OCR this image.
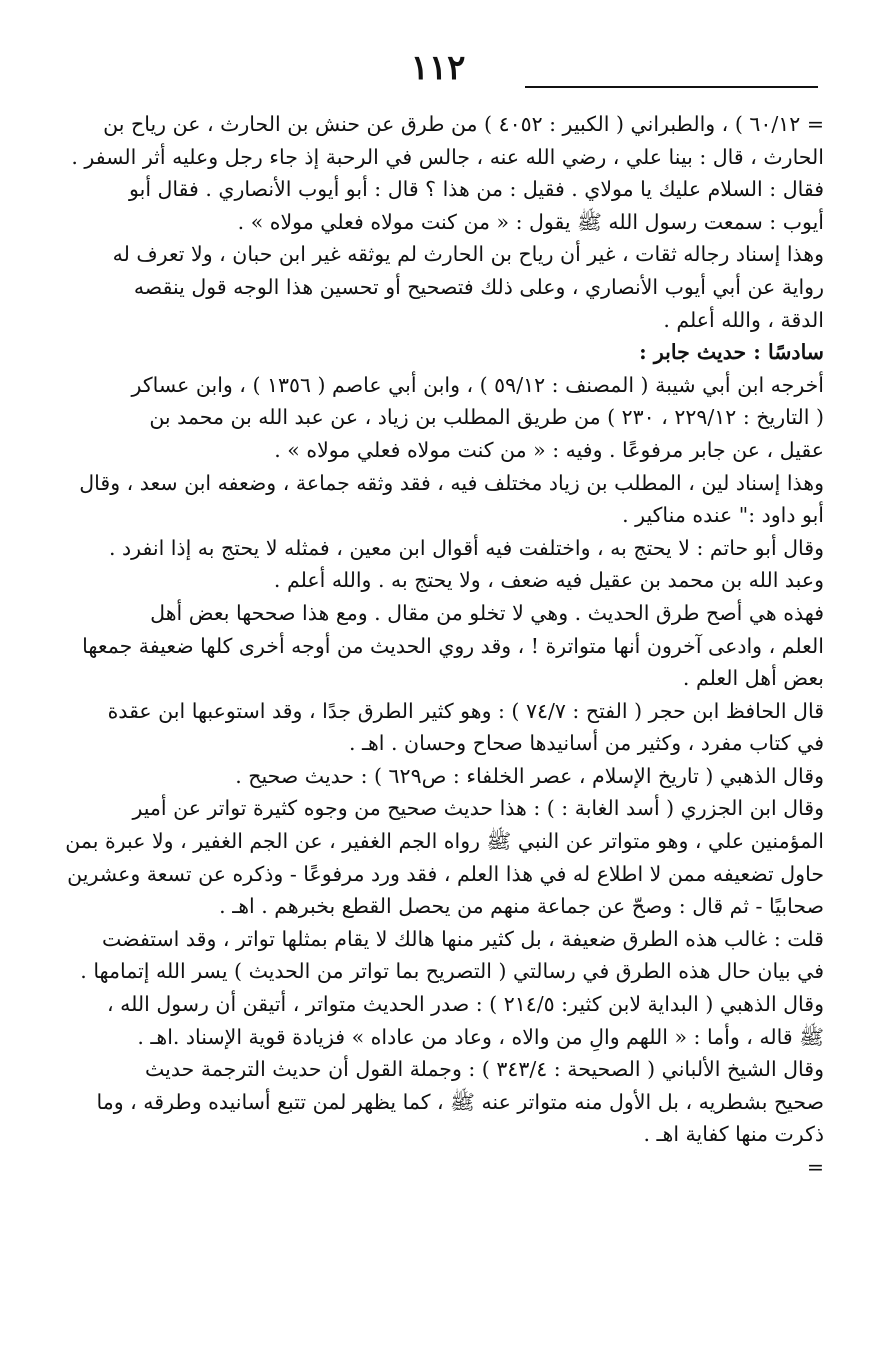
١١٢
= ٦٠/١٢ ) ، والطبراني ( الكبير : ٤٠٥٢ ) من طرق عن حنش بن الحارث ، عن رياح بن
الحارث ، قال : بينا علي ، رضي الله عنه ، جالس في الرحبة إذ جاء رجل وعليه أثر السفر .
فقال : السلام عليك يا مولاي . فقيل : من هذا ؟ قال : أبو أيوب الأنصاري . فقال أبو
أيوب : سمعت رسول الله ﷺ يقول : « من كنت مولاه فعلي مولاه » .
وهذا إسناد رجاله ثقات ، غير أن رياح بن الحارث لم يوثقه غير ابن حبان ، ولا تعرف له
رواية عن أبي أيوب الأنصاري ، وعلى ذلك فتصحيح أو تحسين هذا الوجه قول ينقصه
الدقة ، والله أعلم .
سادسًا : حديث جابر :
أخرجه ابن أبي شيبة ( المصنف : ٥٩/١٢ ) ، وابن أبي عاصم ( ١٣٥٦ ) ، وابن عساكر
( التاريخ : ٢٢٩/١٢ ، ٢٣٠ ) من طريق المطلب بن زياد ، عن عبد الله بن محمد بن
عقيل ، عن جابر مرفوعًا . وفيه : « من كنت مولاه فعلي مولاه » .
وهذا إسناد لين ، المطلب بن زياد مختلف فيه ، فقد وثقه جماعة ، وضعفه ابن سعد ، وقال
أبو داود :" عنده مناكير .
وقال أبو حاتم : لا يحتج به ، واختلفت فيه أقوال ابن معين ، فمثله لا يحتج به إذا انفرد .
وعبد الله بن محمد بن عقيل فيه ضعف ، ولا يحتج به . والله أعلم .
فهذه هي أصح طرق الحديث . وهي لا تخلو من مقال . ومع هذا صححها بعض أهل
العلم ، وادعى آخرون أنها متواترة ! ، وقد روي الحديث من أوجه أخرى كلها ضعيفة جمعها
بعض أهل العلم .
قال الحافظ ابن حجر ( الفتح : ٧٤/٧ ) : وهو كثير الطرق جدًا ، وقد استوعبها ابن عقدة
في كتاب مفرد ، وكثير من أسانيدها صحاح وحسان . اهـ .
وقال الذهبي ( تاريخ الإسلام ، عصر الخلفاء : ص٦٢٩ ) : حديث صحيح .
وقال ابن الجزري ( أسد الغابة : ) : هذا حديث صحيح من وجوه كثيرة تواتر عن أمير
المؤمنين علي ، وهو متواتر عن النبي ﷺ رواه الجم الغفير ، عن الجم الغفير ، ولا عبرة بمن
حاول تضعيفه ممن لا اطلاع له في هذا العلم ، فقد ورد مرفوعًا - وذكره عن تسعة وعشرين
صحابيًا - ثم قال : وصحّ عن جماعة منهم من يحصل القطع بخبرهم . اهـ .
قلت : غالب هذه الطرق ضعيفة ، بل كثير منها هالك لا يقام بمثلها تواتر ، وقد استفضت
في بيان حال هذه الطرق في رسالتي ( التصريح بما تواتر من الحديث ) يسر الله إتمامها .
وقال الذهبي ( البداية لابن كثير: ٢١٤/٥ ) : صدر الحديث متواتر ، أتيقن أن رسول الله ،
ﷺ قاله ، وأما : « اللهم والِ من والاه ، وعاد من عاداه » فزيادة قوية الإسناد .اهـ .
وقال الشيخ الألباني ( الصحيحة : ٣٤٣/٤ ) : وجملة القول أن حديث الترجمة حديث
صحيح بشطريه ، بل الأول منه متواتر عنه ﷺ ، كما يظهر لمن تتبع أسانيده وطرقه ، وما
ذكرت منها كفاية اهـ .
=
